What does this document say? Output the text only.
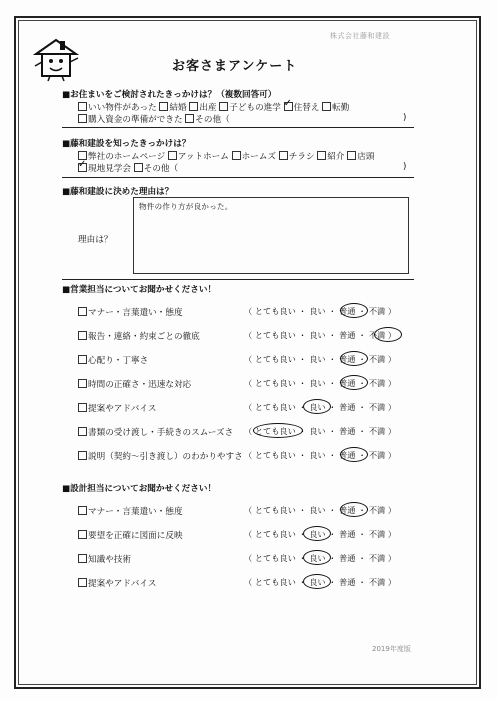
株式会社藤和建設
お客さまアンケート
■お住まいをご検討されたきっかけは？（複数回答可）
いい物件があった 結婚 出産 子どもの進学 ✓ 住替え 転勤
購入資金の準備ができた その他（	)
■藤和建設を知ったきっかけは？
弊社のホームページ アットホーム ホームズ チラシ 紹介 店頭
✓現地見学会 その他（	)
■藤和建設に決めた理由は？
理由は？
物件の作り方が良かった。
■営業担当についてお聞かせください！
マナー・言葉遣い・態度	（ とても良い ・ 良い ・ 普通 ・ 不満 ）
報告・連絡・約束ごとの徹底	（ とても良い ・ 良い ・ 普通 ・ 不満 ）
心配り・丁寧さ	（ とても良い ・ 良い ・ 普通 ・ 不満 ）
時間の正確さ・迅速な対応	（ とても良い ・ 良い ・ 普通 ・ 不満 ）
提案やアドバイス	（ とても良い ・ 良い ・ 普通 ・ 不満 ）
書類の受け渡し・手続きのスムーズさ （ とても良い ・ 良い ・ 普通 ・ 不満 ）
説明（契約～引き渡し）のわかりやすさ （ とても良い ・ 良い ・ 普通 ・ 不満 ）
■設計担当についてお聞かせください！
マナー・言葉遣い・態度	（ とても良い ・ 良い ・ 普通 ・ 不満 ）
要望を正確に図面に反映	（ とても良い ・ 良い ・ 普通 ・ 不満 ）
知識や技術	（ とても良い ・ 良い ・ 普通 ・ 不満 ）
提案やアドバイス	（ とても良い ・ 良い ・ 普通 ・ 不満 ）
2019年度版
